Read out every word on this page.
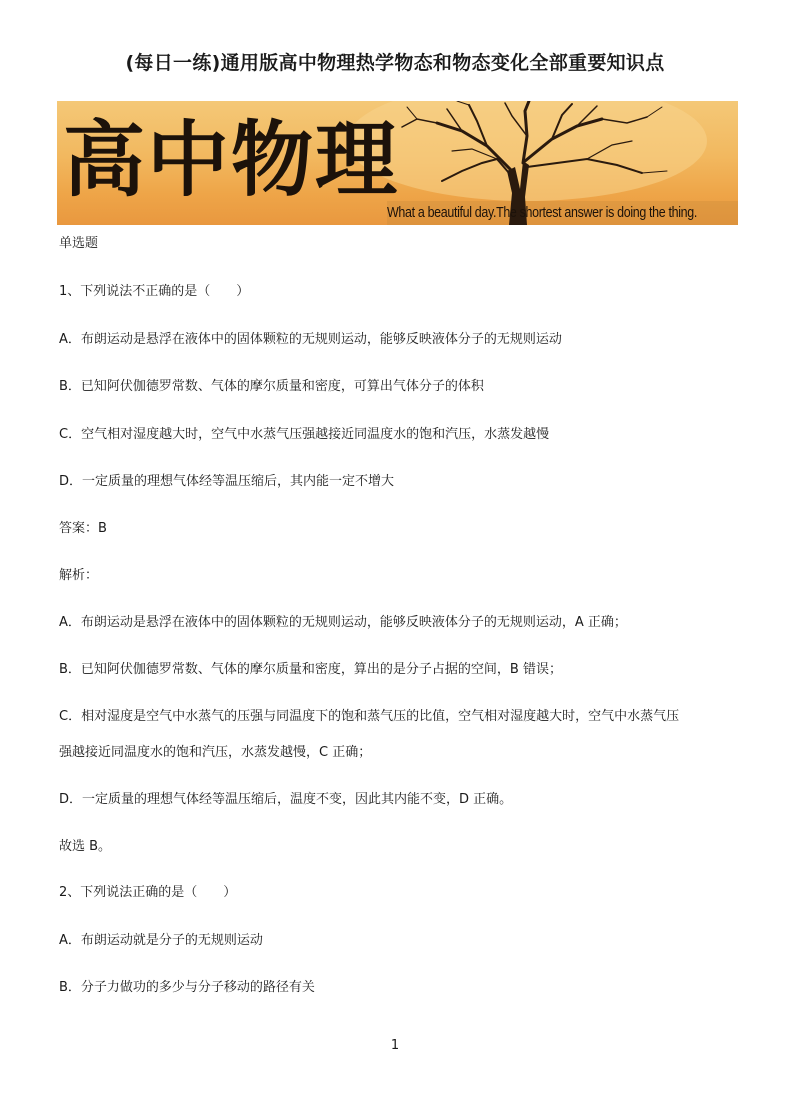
(每日一练)通用版高中物理热学物态和物态变化全部重要知识点
高中物理
What a beautiful day.The shortest answer is doing the thing.
单选题
1、下列说法不正确的是（　　）
A．布朗运动是悬浮在液体中的固体颗粒的无规则运动，能够反映液体分子的无规则运动
B．已知阿伏伽德罗常数、气体的摩尔质量和密度，可算出气体分子的体积
C．空气相对湿度越大时，空气中水蒸气压强越接近同温度水的饱和汽压，水蒸发越慢
D．一定质量的理想气体经等温压缩后，其内能一定不增大
答案：B
解析：
A．布朗运动是悬浮在液体中的固体颗粒的无规则运动，能够反映液体分子的无规则运动，A 正确；
B．已知阿伏伽德罗常数、气体的摩尔质量和密度，算出的是分子占据的空间，B 错误；
C．相对湿度是空气中水蒸气的压强与同温度下的饱和蒸气压的比值，空气相对湿度越大时，空气中水蒸气压
强越接近同温度水的饱和汽压，水蒸发越慢，C 正确；
D．一定质量的理想气体经等温压缩后，温度不变，因此其内能不变，D 正确。
故选 B。
2、下列说法正确的是（　　）
A．布朗运动就是分子的无规则运动
B．分子力做功的多少与分子移动的路径有关
1
